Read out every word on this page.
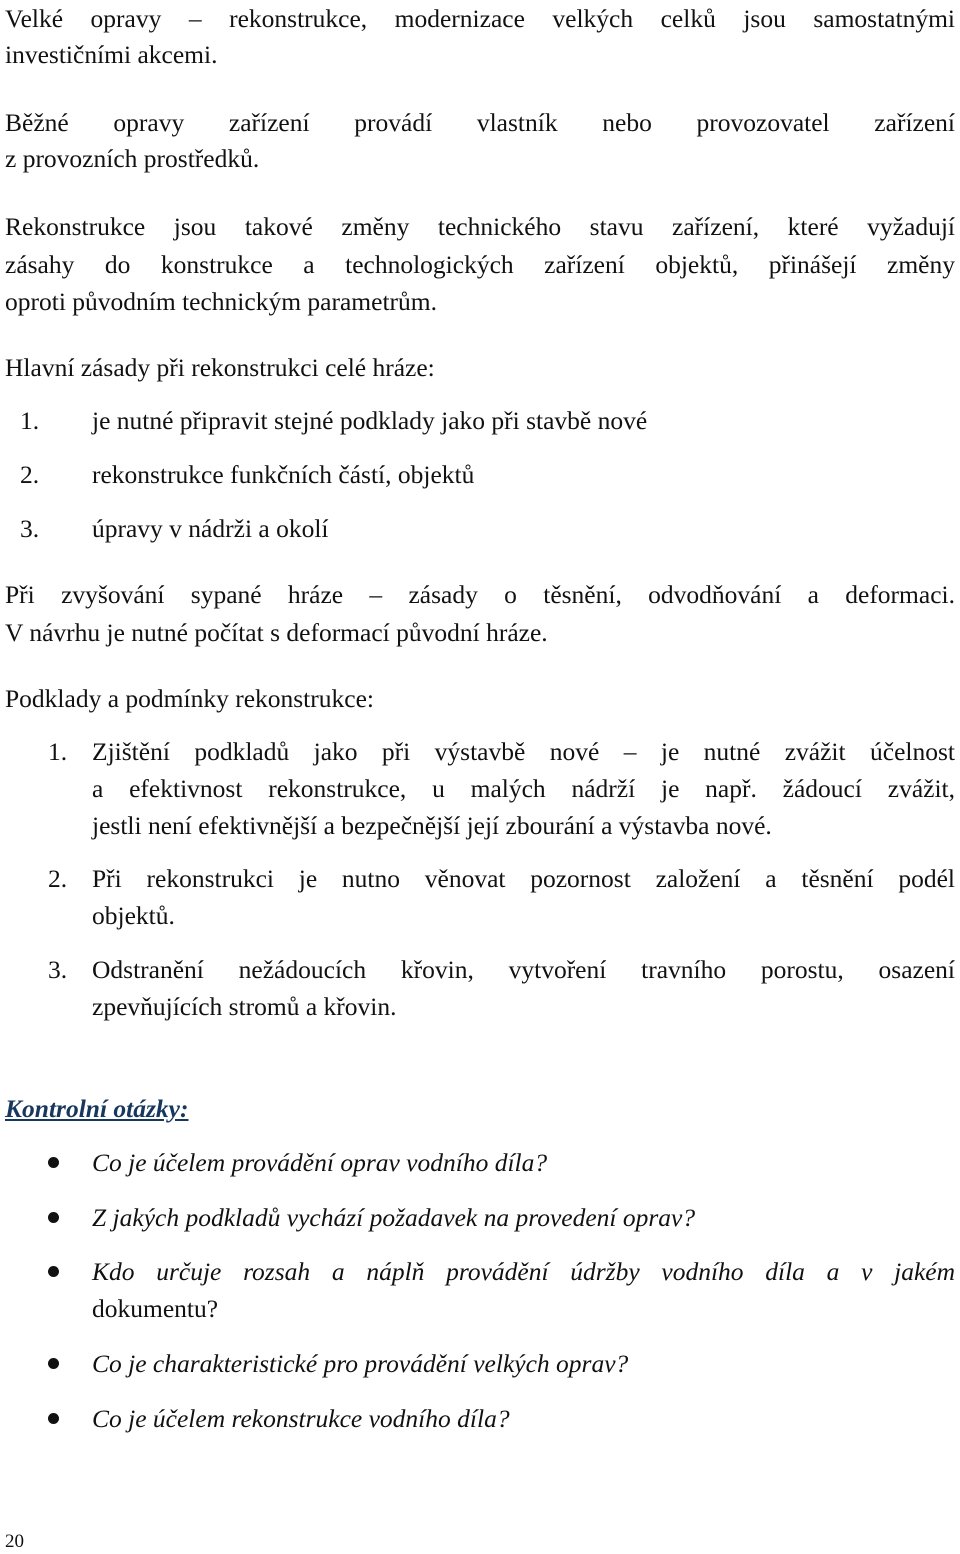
Velké opravy – rekonstrukce, modernizace velkých celků jsou samostatnými
investičními akcemi.
Běžné opravy zařízení provádí vlastník nebo provozovatel zařízení
z provozních prostředků.
Rekonstrukce jsou takové změny technického stavu zařízení, které vyžadují
zásahy do konstrukce a technologických zařízení objektů, přinášejí změny
oproti původním technickým parametrům.
Hlavní zásady při rekonstrukci celé hráze:
1. je nutné připravit stejné podklady jako při stavbě nové
2. rekonstrukce funkčních částí, objektů
3. úpravy v nádrži a okolí
Při zvyšování sypané hráze – zásady o těsnění, odvodňování a deformaci.
V návrhu je nutné počítat s deformací původní hráze.
Podklady a podmínky rekonstrukce:
1. Zjištění podkladů jako při výstavbě nové – je nutné zvážit účelnost
a efektivnost rekonstrukce, u malých nádrží je např. žádoucí zvážit,
jestli není efektivnější a bezpečnější její zbourání a výstavba nové.
2. Při rekonstrukci je nutno věnovat pozornost založení a těsnění podél
objektů.
3. Odstranění nežádoucích křovin, vytvoření travního porostu, osazení
zpevňujících stromů a křovin.
Kontrolní otázky:
Co je účelem provádění oprav vodního díla?
Z jakých podkladů vychází požadavek na provedení oprav?
Kdo určuje rozsah a náplň provádění údržby vodního díla a v jakém
dokumentu?
Co je charakteristické pro provádění velkých oprav?
Co je účelem rekonstrukce vodního díla?
20
